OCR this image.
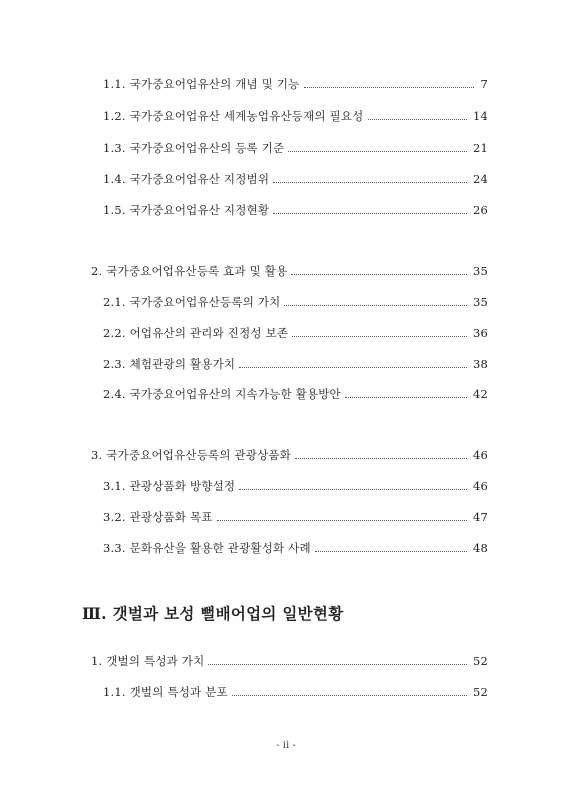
1.1. 국가중요어업유산의 개념 및 기능	7
1.2. 국가중요어업유산 세계농업유산등재의 필요성	14
1.3. 국가중요어업유산의 등록 기준	21
1.4. 국가중요어업유산 지정범위	24
1.5. 국가중요어업유산 지정현황	26
2. 국가중요어업유산등록 효과 및 활용	35
2.1. 국가중요어업유산등록의 가치	35
2.2. 어업유산의 관리와 진정성 보존	36
2.3. 체험관광의 활용가치	38
2.4. 국가중요어업유산의 지속가능한 활용방안	42
3. 국가중요어업유산등록의 관광상품화	46
3.1. 관광상품화 방향설정	46
3.2. 관광상품화 목표	47
3.3. 문화유산을 활용한 관광활성화 사례	48
Ⅲ. 갯벌과 보성 뻘배어업의 일반현황
1. 갯벌의 특성과 가치	52
1.1. 갯벌의 특성과 분포	52
- ii -
